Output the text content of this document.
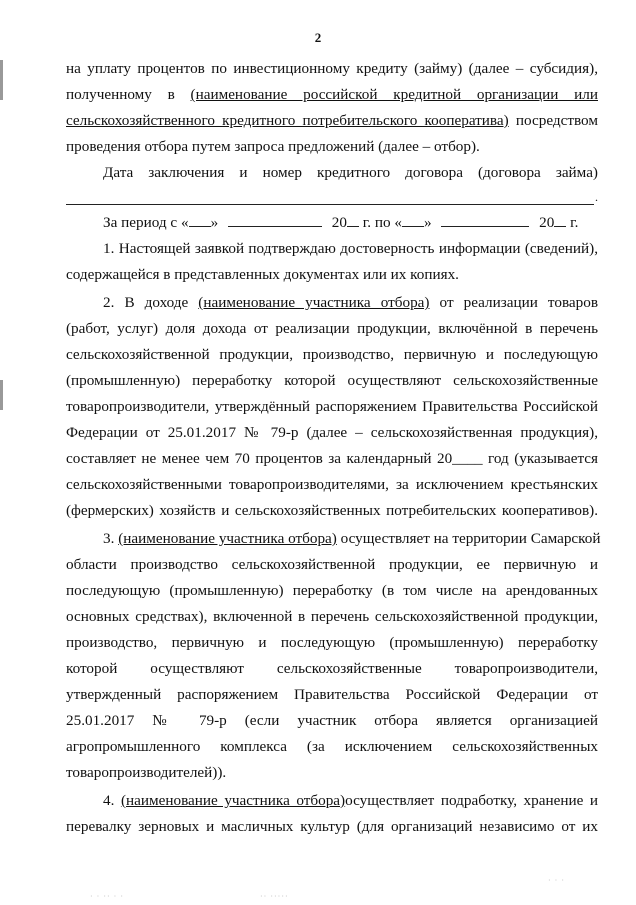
2
на уплату процентов по инвестиционному кредиту (займу) (далее – субсидия),
полученному в (наименование российской кредитной организации или
сельскохозяйственного кредитного потребительского кооператива) посредством
проведения отбора путем запроса предложений (далее – отбор).
Дата заключения и номер кредитного договора (договора займа)
.
За период с « »	20 г. по « »	20 г.
1. Настоящей заявкой подтверждаю достоверность информации (сведений),
содержащейся в представленных документах или их копиях.
2. В доходе (наименование участника отбора) от реализации товаров
(работ, услуг) доля дохода от реализации продукции, включённой в перечень
сельскохозяйственной продукции, производство, первичную и последующую
(промышленную) переработку которой осуществляют сельскохозяйственные
товаропроизводители, утверждённый распоряжением Правительства Российской
Федерации от 25.01.2017 № 79-р (далее – сельскохозяйственная продукция),
составляет не менее чем 70 процентов за календарный 20____ год (указывается
сельскохозяйственными товаропроизводителями, за исключением крестьянских
(фермерских) хозяйств и сельскохозяйственных потребительских кооперативов).
3. (наименование участника отбора) осуществляет на территории Самарской
области производство сельскохозяйственной продукции, ее первичную и
последующую (промышленную) переработку (в том числе на арендованных
основных средствах), включенной в перечень сельскохозяйственной продукции,
производство, первичную и последующую (промышленную) переработку
которой осуществляют сельскохозяйственные товаропроизводители,
утвержденный распоряжением Правительства Российской Федерации от
25.01.2017 № 79-р (если участник отбора является организацией
агропромышленного комплекса (за исключением сельскохозяйственных
товаропроизводителей)).
4. (наименование участника отбора)осуществляет подработку, хранение и
перевалку зерновых и масличных культур (для организаций независимо от их
· · ·· · ·	·· ·····
· · ·
